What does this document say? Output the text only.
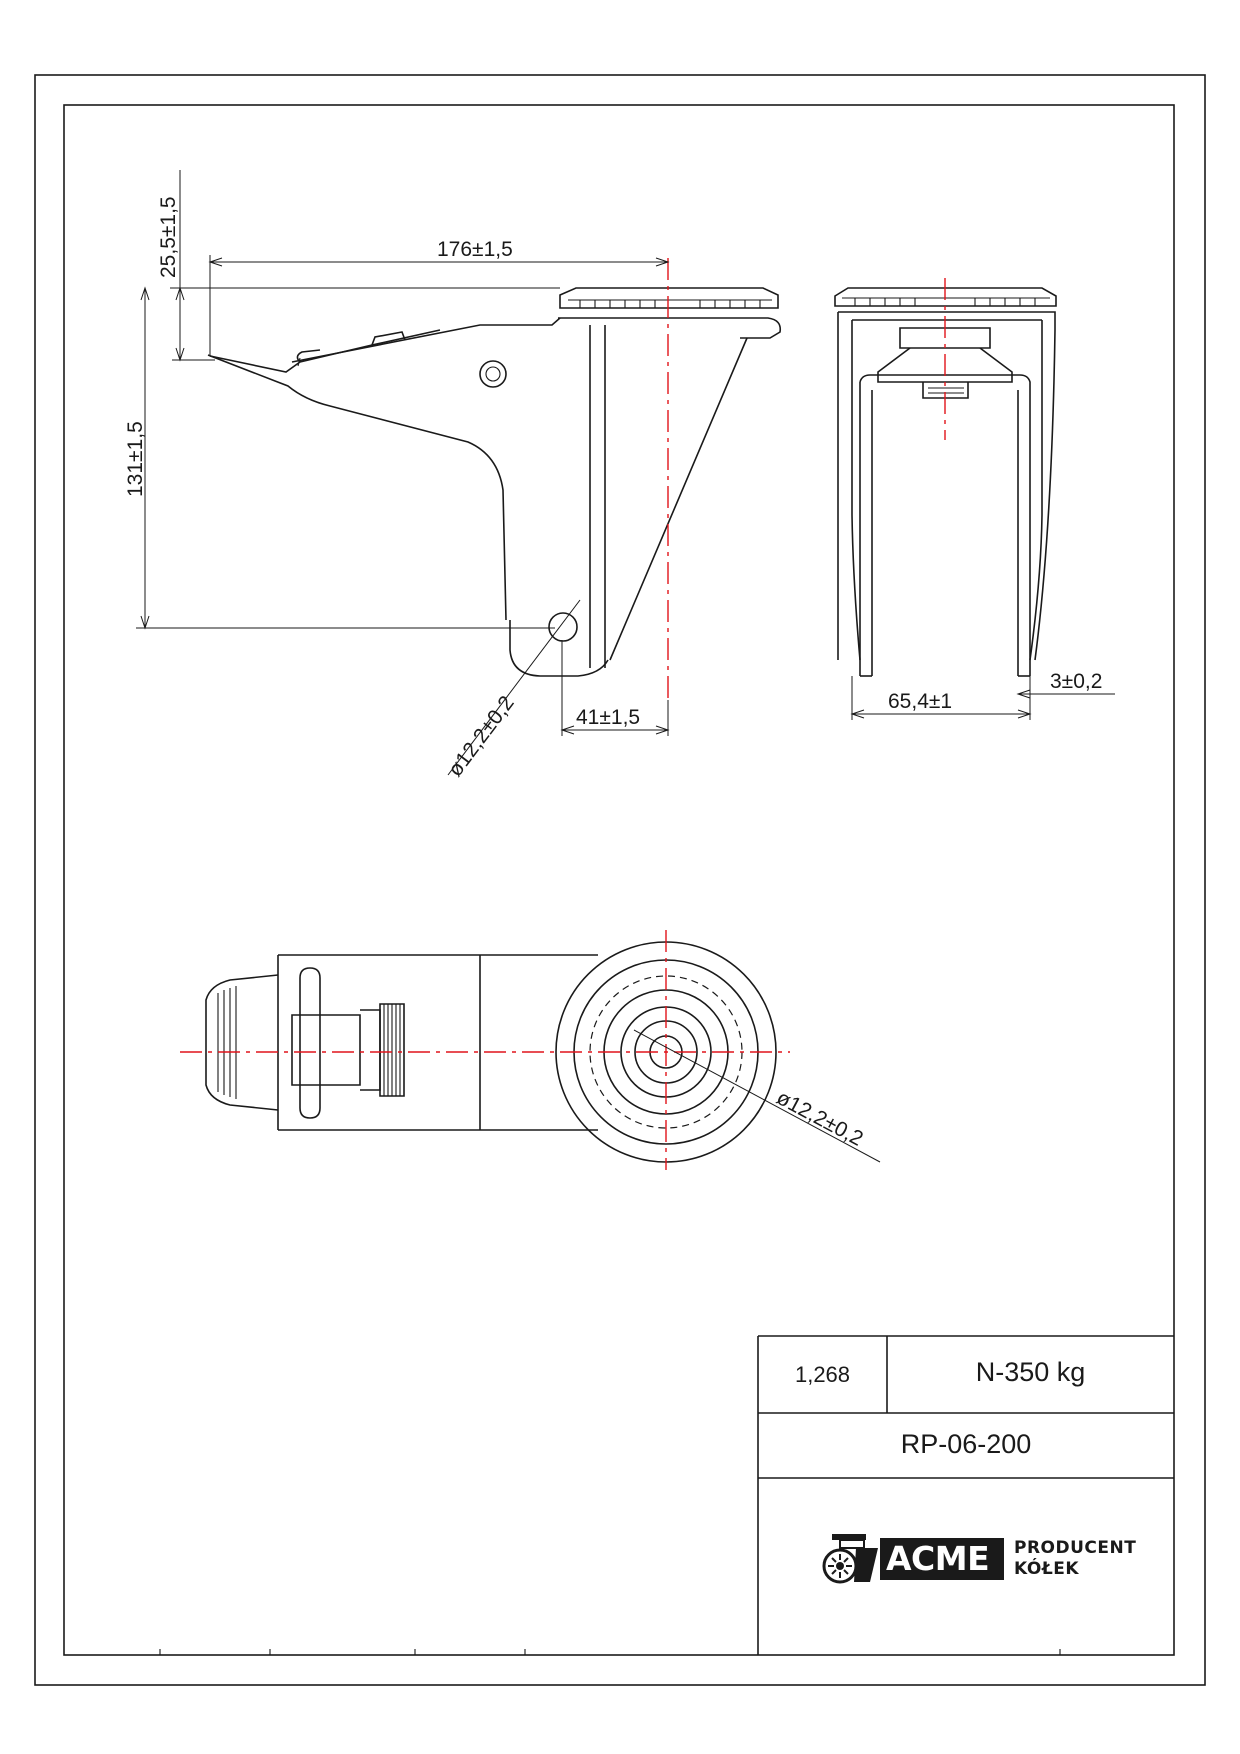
25,5±1,5	176±1,5
131±1,5
ø12,2±0,2	41±1,5
65,4±1
3±0,2
ø12,2±0,2
1,268	N-350 kg
RP-06-200
ACME PRODUCENT
KÓŁEK
